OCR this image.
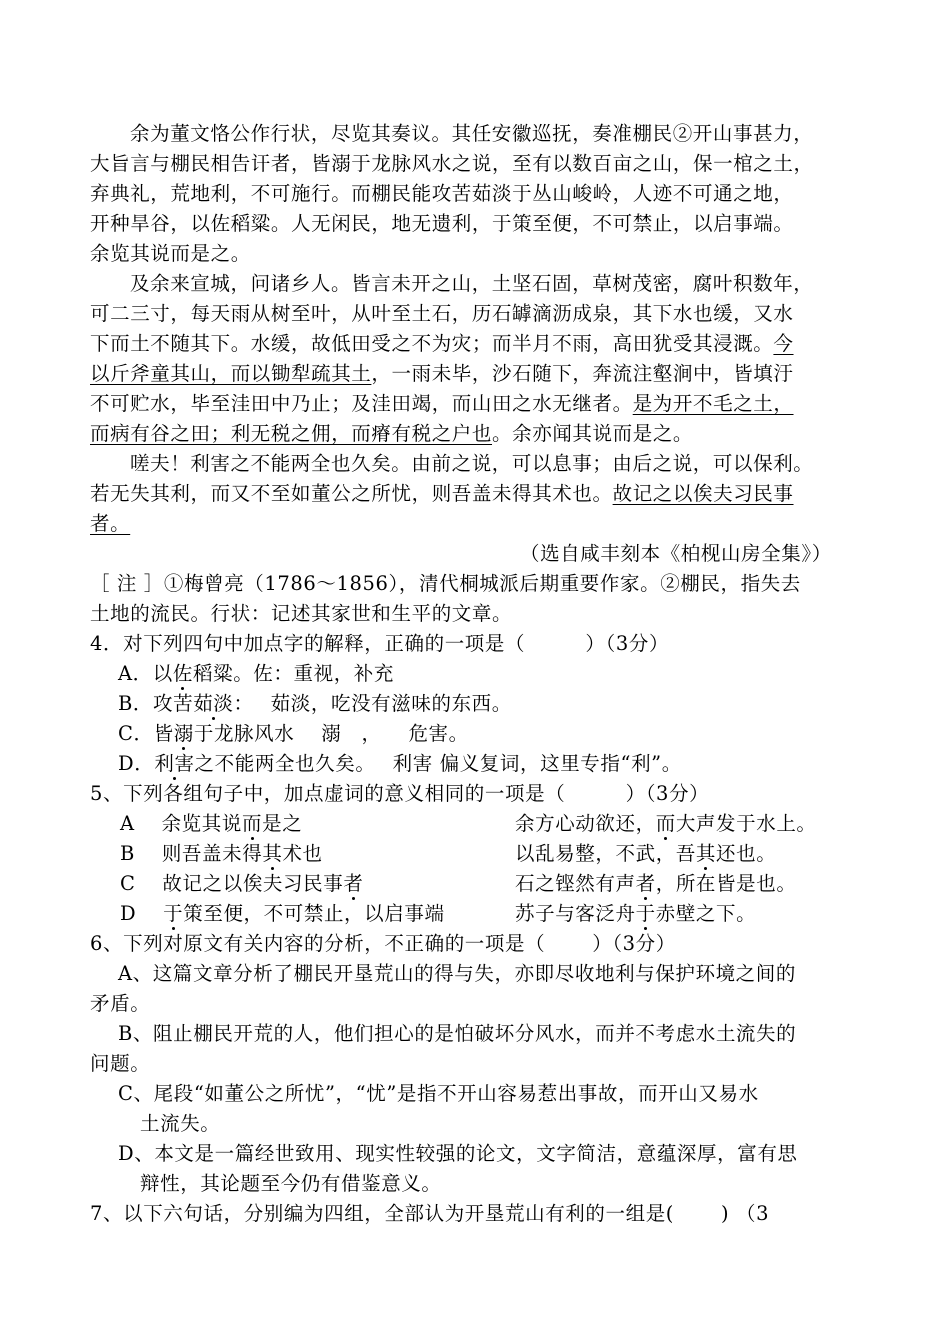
余为董文恪公作行状，尽览其奏议。其任安徽巡抚，奏准棚民②开山事甚力，
大旨言与棚民相告讦者，皆溺于龙脉风水之说，至有以数百亩之山，保一棺之土，
弃典礼，荒地利，不可施行。而棚民能攻苦茹淡于丛山峻岭，人迹不可通之地，
开种旱谷，以佐稻粱。人无闲民，地无遗利，于策至便，不可禁止，以启事端。
余览其说而是之。
及余来宣城，问诸乡人。皆言未开之山，土坚石固，草树茂密，腐叶积数年，
可二三寸，每天雨从树至叶，从叶至土石，历石罅滴沥成泉，其下水也缓，又水
下而土不随其下。水缓，故低田受之不为灾；而半月不雨，高田犹受其浸溉。今
以斤斧童其山，而以锄犁疏其土，一雨未毕，沙石随下，奔流注壑涧中，皆填汙
不可贮水，毕至洼田中乃止；及洼田竭，而山田之水无继者。是为开不毛之土，
而病有谷之田；利无税之佣，而瘠有税之户也。余亦闻其说而是之。
嗟夫！利害之不能两全也久矣。由前之说，可以息事；由后之说，可以保利。
若无失其利，而又不至如董公之所忧，则吾盖未得其术也。故记之以俟夫习民事
者。
（选自咸丰刻本《柏枧山房全集》）
［ 注 ］①梅曾亮（1786～1856），清代桐城派后期重要作家。②棚民，指失去
土地的流民。行状：记述其家世和生平的文章。
4．对下列四句中加点字的解释，正确的一项是（　　　）（3分）
A．以佐稻粱。佐：重视，补充
B．攻苦茹淡：　 茹淡，吃没有滋味的东西。
C．皆溺于龙脉风水　 溺　， 　危害。
D．利害之不能两全也久矣。　 利害 偏义复词，这里专指“利”。
5、下列各组句子中，加点虚词的意义相同的一项是（　　　）（3分）
A　 余览其说而是之	余方心动欲还，而大声发于水上。
B　 则吾盖未得其术也	以乱易整，不武，吾其还也。
C　 故记之以俟夫习民事者	石之铿然有声者，所在皆是也。
D　 于策至便，不可禁止，以启事端	苏子与客泛舟于赤壁之下。
6、下列对原文有关内容的分析，不正确的一项是（　　 ）（3分）
A、这篇文章分析了棚民开垦荒山的得与失，亦即尽收地利与保护环境之间的
矛盾。
B、阻止棚民开荒的人，他们担心的是怕破坏分风水，而并不考虑水土流失的
问题。
C、尾段“如董公之所忧”，“忧”是指不开山容易惹出事故，而开山又易水
土流失。
D、本文是一篇经世致用、现实性较强的论文，文字简洁，意蕴深厚，富有思
辩性，其论题至今仍有借鉴意义。
7、以下六句话，分别编为四组，全部认为开垦荒山有利的一组是(　　 ) （3
